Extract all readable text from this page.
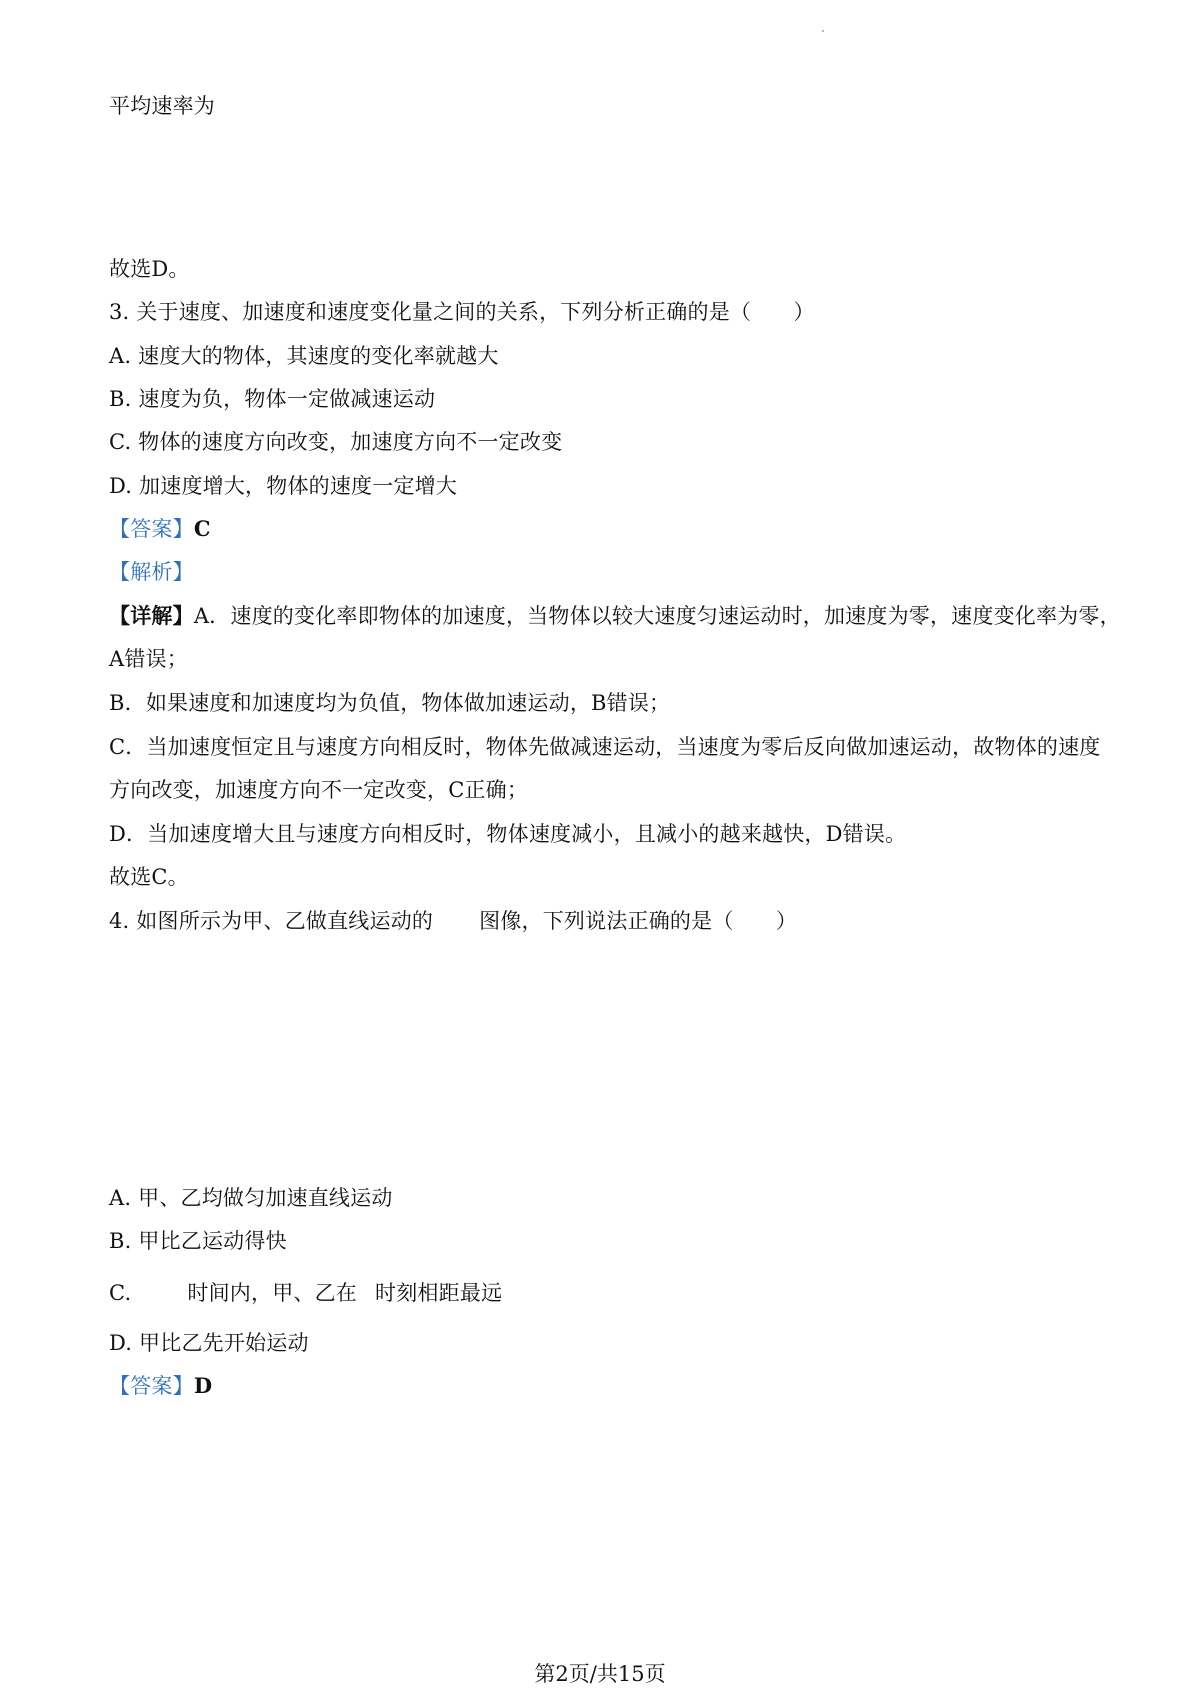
平均速率为
故选D。
3. 关于速度、加速度和速度变化量之间的关系，下列分析正确的是（　　）
A. 速度大的物体，其速度的变化率就越大
B. 速度为负，物体一定做减速运动
C. 物体的速度方向改变，加速度方向不一定改变
D. 加速度增大，物体的速度一定增大
【答案】C
【解析】
【详解】A．速度的变化率即物体的加速度，当物体以较大速度匀速运动时，加速度为零，速度变化率为零，
A错误；
B．如果速度和加速度均为负值，物体做加速运动，B错误；
C．当加速度恒定且与速度方向相反时，物体先做减速运动，当速度为零后反向做加速运动，故物体的速度
方向改变，加速度方向不一定改变，C正确；
D．当加速度增大且与速度方向相反时，物体速度减小，且减小的越来越快，D错误。
故选C。
4. 如图所示为甲、乙做直线运动的 图像，下列说法正确的是（　　）
A. 甲、乙均做匀加速直线运动
B. 甲比乙运动得快
C.	时间内，甲、乙在 时刻相距最远
D. 甲比乙先开始运动
【答案】D
第2页/共15页
